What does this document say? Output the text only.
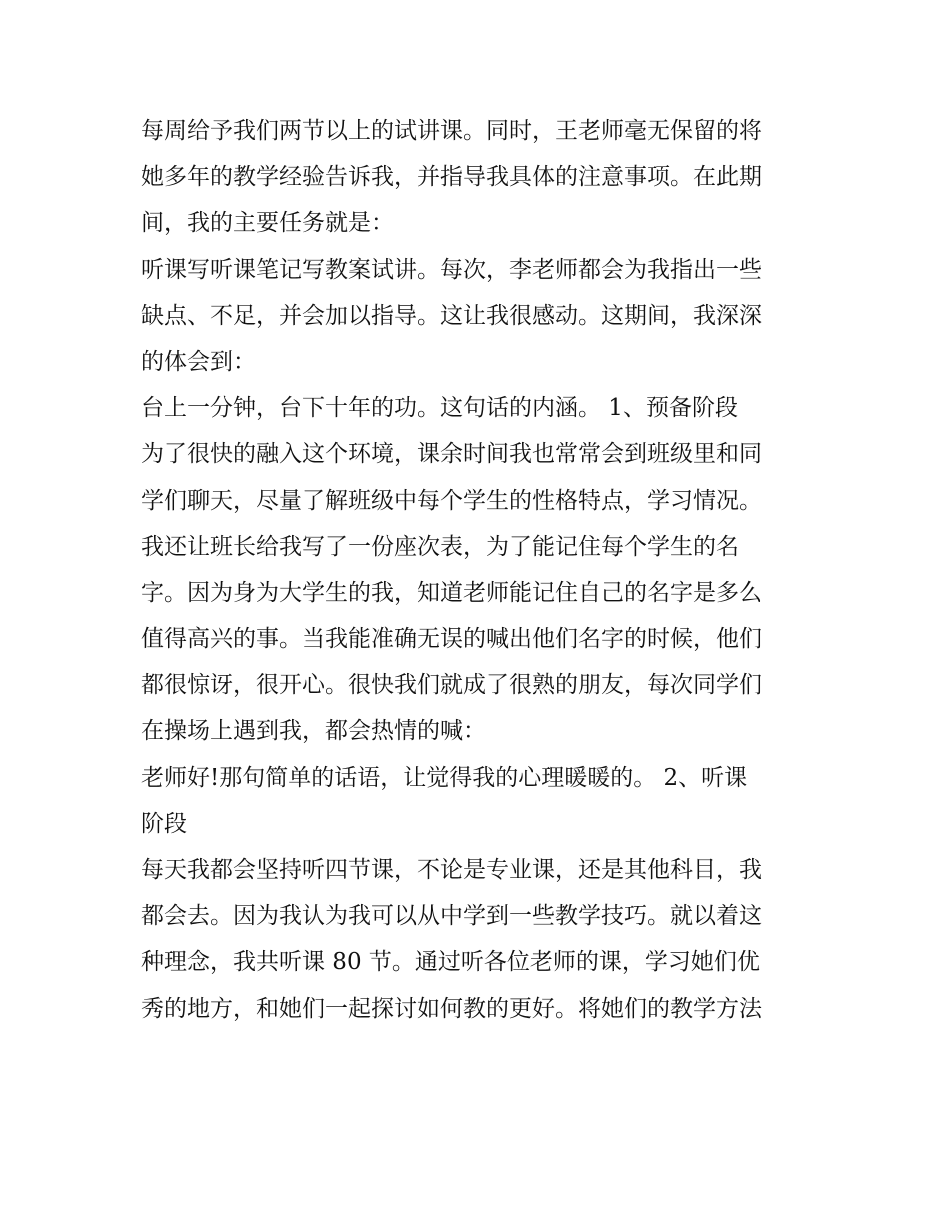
每周给予我们两节以上的试讲课。同时，王老师毫无保留的将
她多年的教学经验告诉我，并指导我具体的注意事项。在此期
间，我的主要任务就是：
听课写听课笔记写教案试讲。每次，李老师都会为我指出一些
缺点、不足，并会加以指导。这让我很感动。这期间，我深深
的体会到：
台上一分钟，台下十年的功。这句话的内涵。 1、预备阶段
为了很快的融入这个环境，课余时间我也常常会到班级里和同
学们聊天，尽量了解班级中每个学生的性格特点，学习情况。
我还让班长给我写了一份座次表，为了能记住每个学生的名
字。因为身为大学生的我，知道老师能记住自己的名字是多么
值得高兴的事。当我能准确无误的喊出他们名字的时候，他们
都很惊讶，很开心。很快我们就成了很熟的朋友，每次同学们
在操场上遇到我，都会热情的喊：
老师好!那句简单的话语，让觉得我的心理暖暖的。 2、听课
阶段
每天我都会坚持听四节课，不论是专业课，还是其他科目，我
都会去。因为我认为我可以从中学到一些教学技巧。就以着这
种理念，我共听课 80 节。通过听各位老师的课，学习她们优
秀的地方，和她们一起探讨如何教的更好。将她们的教学方法
